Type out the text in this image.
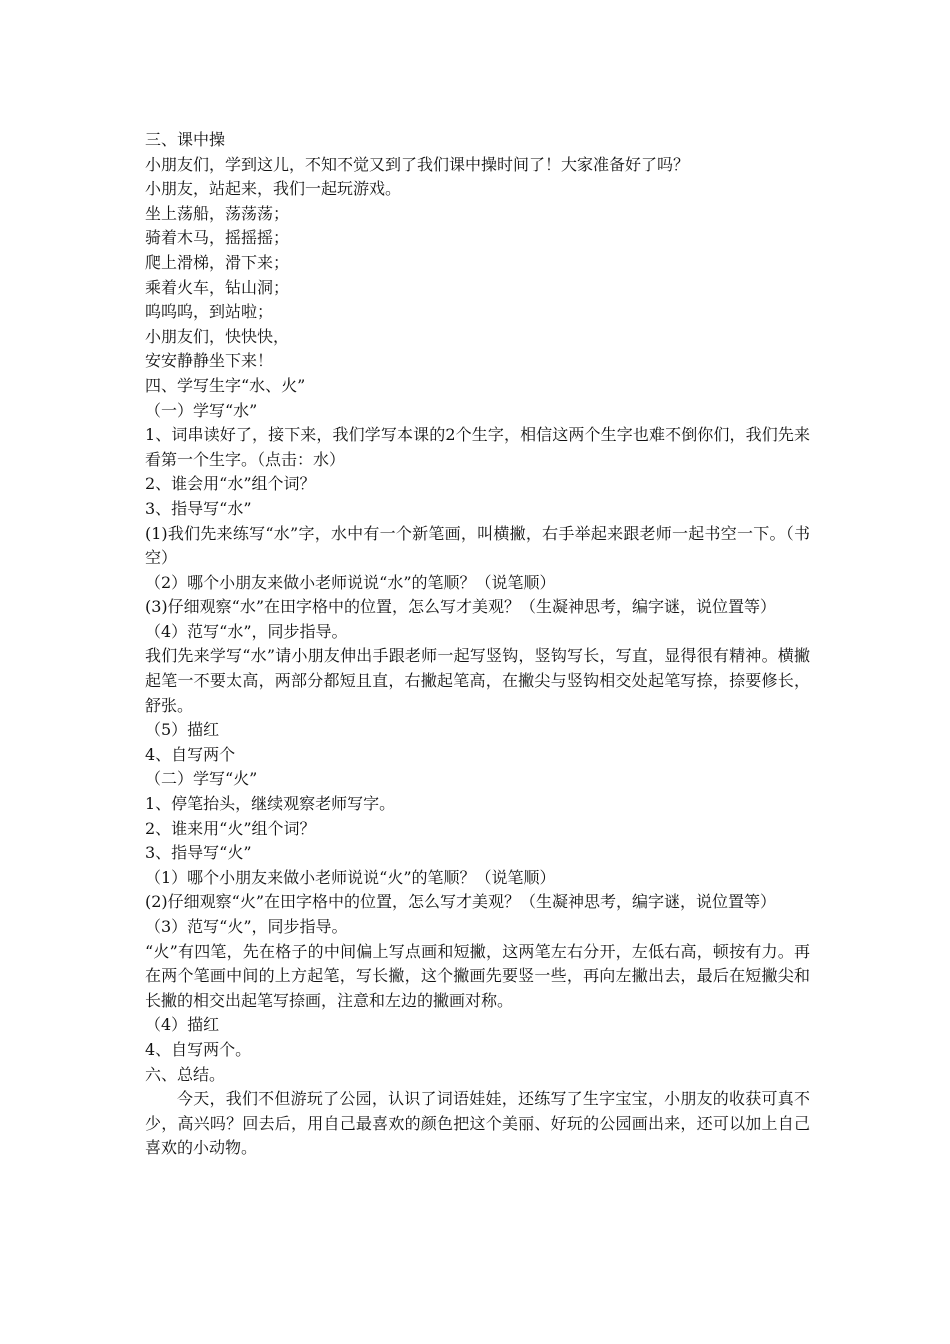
三、课中操
小朋友们，学到这儿，不知不觉又到了我们课中操时间了！大家准备好了吗？
小朋友，站起来，我们一起玩游戏。
坐上荡船，荡荡荡；
骑着木马，摇摇摇；
爬上滑梯，滑下来；
乘着火车，钻山洞；
呜呜呜，到站啦；
小朋友们，快快快，
安安静静坐下来！
四、学写生字“水、火”
（一）学写“水”
1、词串读好了，接下来，我们学写本课的2个生字，相信这两个生字也难不倒你们，我们先来看第一个生字。（点击：水）
2、谁会用“水”组个词？
3、指导写“水”
(1)我们先来练写“水”字，水中有一个新笔画，叫横撇，右手举起来跟老师一起书空一下。（书空）
（2）哪个小朋友来做小老师说说“水”的笔顺？（说笔顺）
(3)仔细观察“水”在田字格中的位置，怎么写才美观？（生凝神思考，编字谜，说位置等）
（4）范写“水”，同步指导。
我们先来学写“水”请小朋友伸出手跟老师一起写竖钩，竖钩写长，写直，显得很有精神。横撇起笔一不要太高，两部分都短且直，右撇起笔高，在撇尖与竖钩相交处起笔写捺，捺要修长，舒张。
（5）描红
4、自写两个
（二）学写“火”
1、停笔抬头，继续观察老师写字。
2、谁来用“火”组个词？
3、指导写“火”
（1）哪个小朋友来做小老师说说“火”的笔顺？（说笔顺）
(2)仔细观察“火”在田字格中的位置，怎么写才美观？（生凝神思考，编字谜，说位置等）
（3）范写“火”，同步指导。
“火”有四笔，先在格子的中间偏上写点画和短撇，这两笔左右分开，左低右高，顿按有力。再在两个笔画中间的上方起笔，写长撇，这个撇画先要竖一些，再向左撇出去，最后在短撇尖和长撇的相交出起笔写捺画，注意和左边的撇画对称。
（4）描红
4、自写两个。
六、总结。
今天，我们不但游玩了公园，认识了词语娃娃，还练写了生字宝宝，小朋友的收获可真不少，高兴吗？回去后，用自己最喜欢的颜色把这个美丽、好玩的公园画出来，还可以加上自己喜欢的小动物。
